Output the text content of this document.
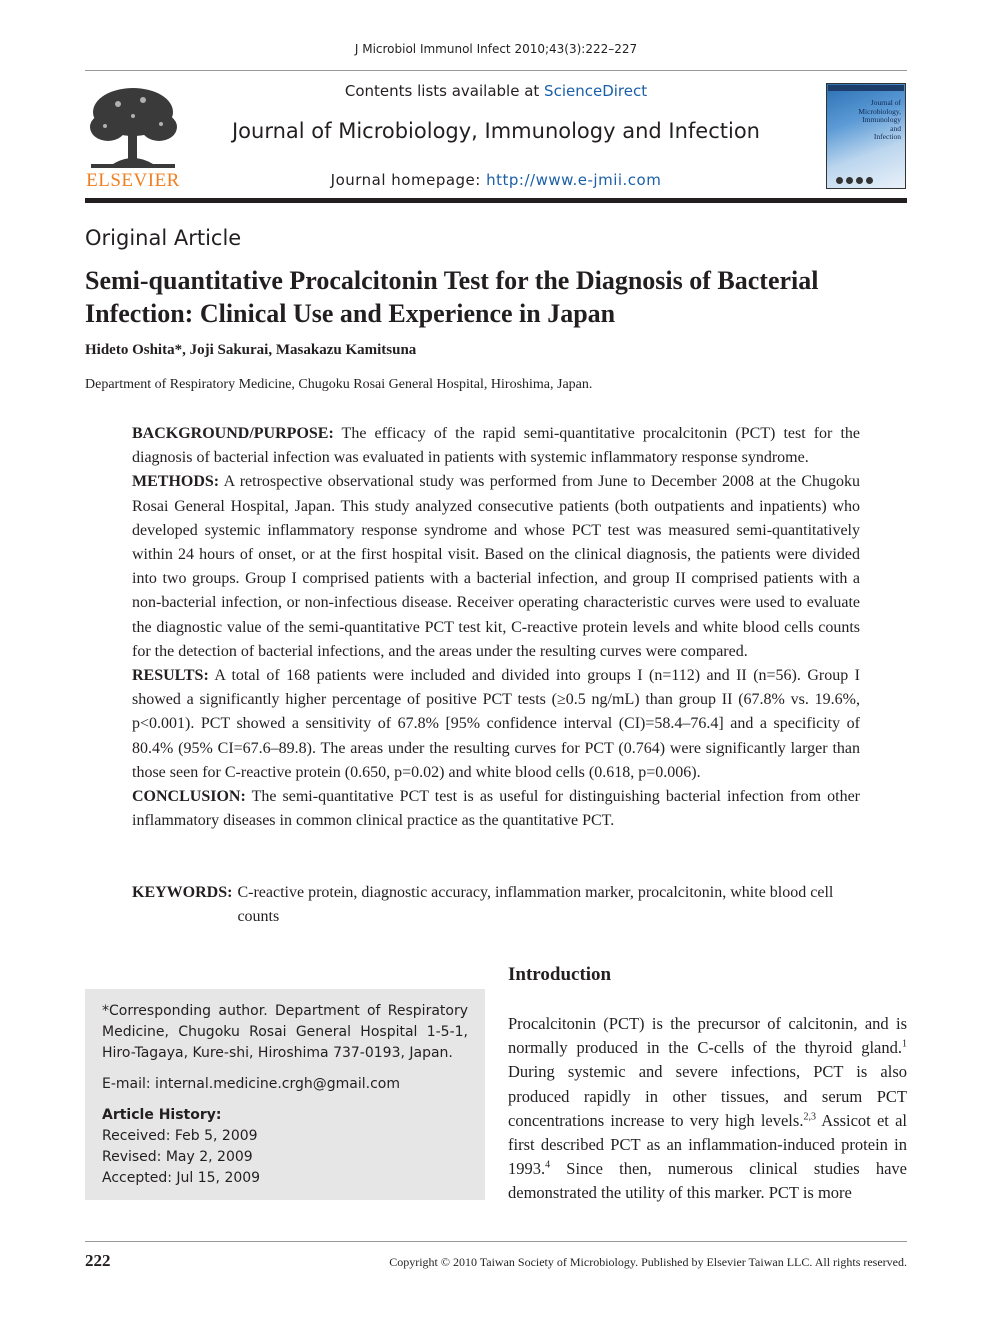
J Microbiol Immunol Infect 2010;43(3):222–227
ELSEVIER
Contents lists available at ScienceDirect
Journal of Microbiology, Immunology and Infection
Journal homepage: http://www.e-jmii.com
Journal of
Microbiology,
Immunology
and
Infection
Original Article
Semi-quantitative Procalcitonin Test for the Diagnosis of Bacterial Infection: Clinical Use and Experience in Japan
Hideto Oshita*, Joji Sakurai, Masakazu Kamitsuna
Department of Respiratory Medicine, Chugoku Rosai General Hospital, Hiroshima, Japan.

BACKGROUND/PURPOSE: The efficacy of the rapid semi-quantitative procalcitonin (PCT) test for the diagnosis of bacterial infection was evaluated in patients with systemic inflammatory response syndrome.

METHODS: A retrospective observational study was performed from June to December 2008 at the Chugoku Rosai General Hospital, Japan. This study analyzed consecutive patients (both outpatients and inpatients) who developed systemic inflammatory response syndrome and whose PCT test was measured semi-quantitatively within 24 hours of onset, or at the first hospital visit. Based on the clinical diagnosis, the patients were divided into two groups. Group I comprised patients with a bacterial infection, and group II comprised patients with a non-bacterial infection, or non-infectious disease. Receiver operating characteristic curves were used to evaluate the diagnostic value of the semi-quantitative PCT test kit, C-reactive protein levels and white blood cells counts for the detection of bacterial infections, and the areas under the resulting curves were compared.

RESULTS: A total of 168 patients were included and divided into groups I (n=112) and II (n=56). Group I showed a significantly higher percentage of positive PCT tests (≥0.5 ng/mL) than group II (67.8% vs. 19.6%, p<0.001). PCT showed a sensitivity of 67.8% [95% confidence interval (CI)=58.4–76.4] and a specificity of 80.4% (95% CI=67.6–89.8). The areas under the resulting curves for PCT (0.764) were significantly larger than those seen for C-reactive protein (0.650, p=0.02) and white blood cells (0.618, p=0.006).

CONCLUSION: The semi-quantitative PCT test is as useful for distinguishing bacterial infection from other inflammatory diseases in common clinical practice as the quantitative PCT.

KEYWORDS: C-reactive protein, diagnostic accuracy, inflammation marker, procalcitonin, white blood cell counts

*Corresponding author. Department of Respiratory Medicine, Chugoku Rosai General Hospital 1-5-1, Hiro-Tagaya, Kure-shi, Hiroshima 737-0193, Japan.

E-mail: internal.medicine.crgh@gmail.com

Article History:

Received: Feb 5, 2009

Revised: May 2, 2009

Accepted: Jul 15, 2009

Introduction
Procalcitonin (PCT) is the precursor of calcitonin, and is normally produced in the C-cells of the thyroid gland.$^1$ During systemic and severe infections, PCT is also produced rapidly in other tissues, and serum PCT concentrations increase to very high levels.$^{2,3}$ Assicot et al first described PCT as an inflammation-induced protein in 1993.$^4$ Since then, numerous clinical studies have demonstrated the utility of this marker. PCT is more
222	Copyright © 2010 Taiwan Society of Microbiology. Published by Elsevier Taiwan LLC. All rights reserved.
